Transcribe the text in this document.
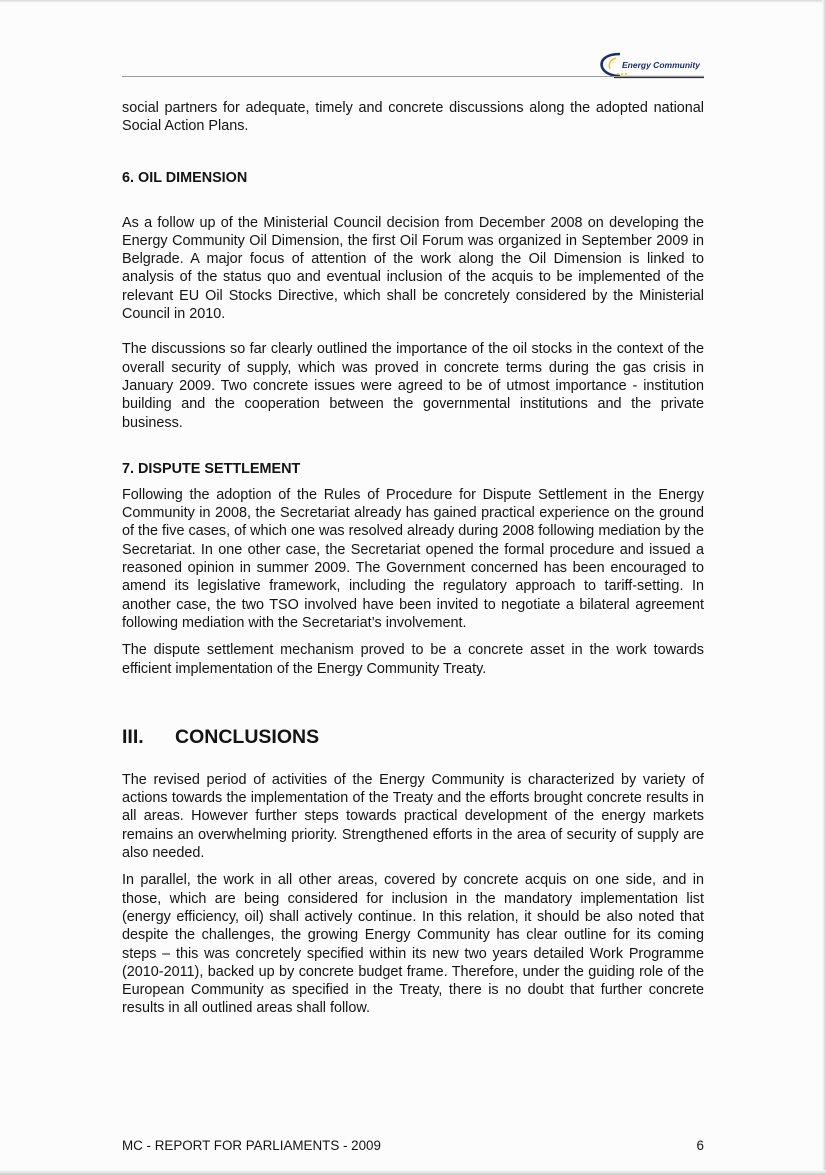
Energy Community

social partners for adequate, timely and concrete discussions along the adopted national Social Action Plans.

6. OIL DIMENSION

As a follow up of the Ministerial Council decision from December 2008 on developing the Energy Community Oil Dimension, the first Oil Forum was organized in September 2009 in Belgrade. A major focus of attention of the work along the Oil Dimension is linked to analysis of the status quo and eventual inclusion of the acquis to be implemented of the relevant EU Oil Stocks Directive, which shall be concretely considered by the Ministerial Council in 2010.

The discussions so far clearly outlined the importance of the oil stocks in the context of the overall security of supply, which was proved in concrete terms during the gas crisis in January 2009. Two concrete issues were agreed to be of utmost importance - institution building and the cooperation between the governmental institutions and the private business.

7. DISPUTE SETTLEMENT

Following the adoption of the Rules of Procedure for Dispute Settlement in the Energy Community in 2008, the Secretariat already has gained practical experience on the ground of the five cases, of which one was resolved already during 2008 following mediation by the Secretariat. In one other case, the Secretariat opened the formal procedure and issued a reasoned opinion in summer 2009. The Government concerned has been encouraged to amend its legislative framework, including the regulatory approach to tariff-setting. In another case, the two TSO involved have been invited to negotiate a bilateral agreement following mediation with the Secretariat’s involvement.

The dispute settlement mechanism proved to be a concrete asset in the work towards efficient implementation of the Energy Community Treaty.

III.	CONCLUSIONS

The revised period of activities of the Energy Community is characterized by variety of actions towards the implementation of the Treaty and the efforts brought concrete results in all areas. However further steps towards practical development of the energy markets remains an overwhelming priority. Strengthened efforts in the area of security of supply are also needed.

In parallel, the work in all other areas, covered by concrete acquis on one side, and in those, which are being considered for inclusion in the mandatory implementation list (energy efficiency, oil) shall actively continue. In this relation, it should be also noted that despite the challenges, the growing Energy Community has clear outline for its coming steps – this was concretely specified within its new two years detailed Work Programme (2010-2011), backed up by concrete budget frame. Therefore, under the guiding role of the European Community as specified in the Treaty, there is no doubt that further concrete results in all outlined areas shall follow.

MC - REPORT FOR PARLIAMENTS - 2009	6
